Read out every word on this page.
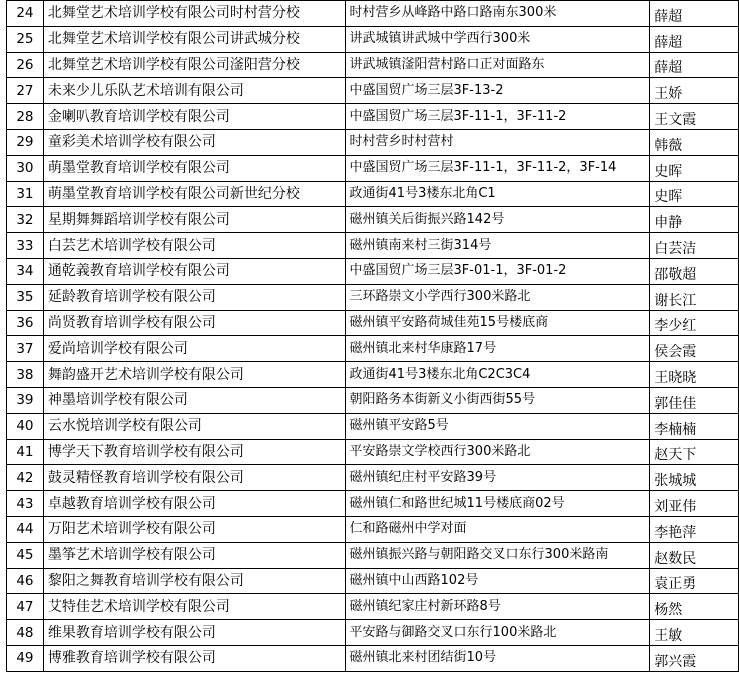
24	北舞堂艺术培训学校有限公司时村营分校	时村营乡从峰路中路口路南东300米	薛超
25	北舞堂艺术培训学校有限公司讲武城分校	讲武城镇讲武城中学西行300米	薛超
26	北舞堂艺术培训学校有限公司滏阳营分校	讲武城镇滏阳营村路口正对面路东	薛超
27	未来少儿乐队艺术培训有限公司	中盛国贸广场三层3F-13-2	王娇
28	金喇叭教育培训学校有限公司	中盛国贸广场三层3F-11-1，3F-11-2	王文霞
29	童彩美术培训学校有限公司	时村营乡时村营村	韩薇
30	萌墨堂教育培训学校有限公司	中盛国贸广场三层3F-11-1，3F-11-2，3F-14	史晖
31	萌墨堂教育培训学校有限公司新世纪分校	政通街41号3楼东北角C1	史晖
32	星期舞舞蹈培训学校有限公司	磁州镇关后街振兴路142号	申静
33	白芸艺术培训学校有限公司	磁州镇南来村三街314号	白芸洁
34	通乾義教育培训学校有限公司	中盛国贸广场三层3F-01-1，3F-01-2	邵敬超
35	延龄教育培训学校有限公司	三环路崇文小学西行300米路北	谢长江
36	尚贤教育培训学校有限公司	磁州镇平安路荷城佳苑15号楼底商	李少红
37	爱尚培训学校有限公司	磁州镇北来村华康路17号	侯会霞
38	舞韵盛开艺术培训学校有限公司	政通街41号3楼东北角C2C3C4	王晓晓
39	神墨培训学校有限公司	朝阳路务本街新义小街西街55号	郭佳佳
40	云水悦培训学校有限公司	磁州镇平安路5号	李楠楠
41	博学天下教育培训学校有限公司	平安路崇文学校西行300米路北	赵天下
42	鼓灵精怪教育培训学校有限公司	磁州镇纪庄村平安路39号	张城城
43	卓越教育培训学校有限公司	磁州镇仁和路世纪城11号楼底商02号	刘亚伟
44	万阳艺术培训学校有限公司	仁和路磁州中学对面	李艳萍
45	墨筝艺术培训学校有限公司	磁州镇振兴路与朝阳路交叉口东行300米路南	赵数民
46	黎阳之舞教育培训学校有限公司	磁州镇中山西路102号	袁正勇
47	艾特佳艺术培训学校有限公司	磁州镇纪家庄村新环路8号	杨然
48	维果教育培训学校有限公司	平安路与御路交叉口东行100米路北	王敏
49	博雅教育培训学校有限公司	磁州镇北来村团结街10号	郭兴霞
